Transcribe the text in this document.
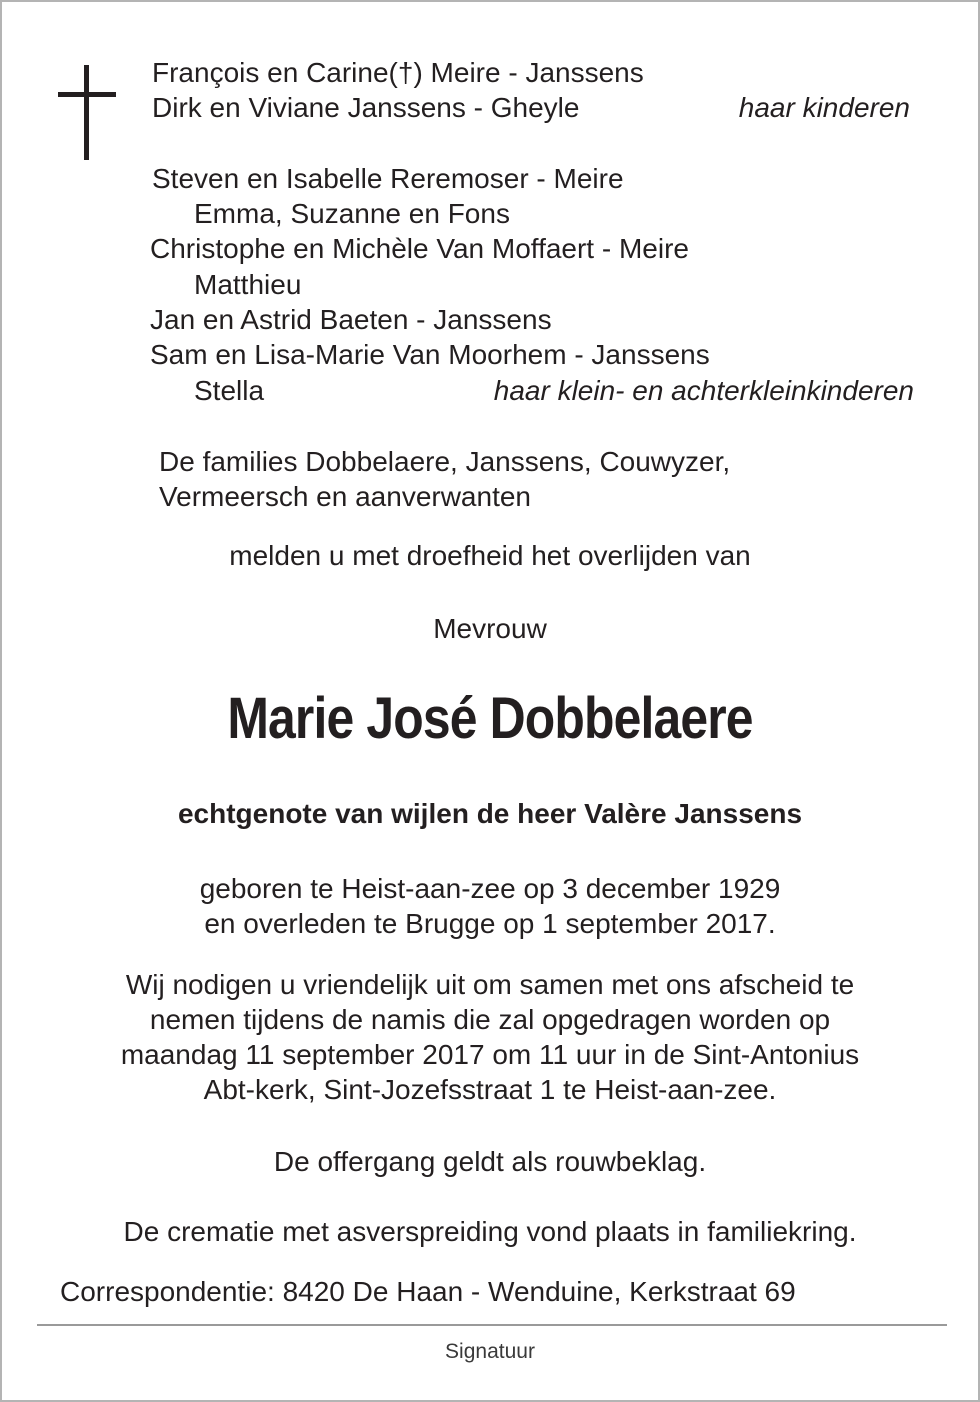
François en Carine(†) Meire - Janssens
Dirk en Viviane Janssens - Gheyle	haar kinderen
Steven en Isabelle Reremoser - Meire
Emma, Suzanne en Fons
Christophe en Michèle Van Moffaert - Meire
Matthieu
Jan en Astrid Baeten - Janssens
Sam en Lisa-Marie Van Moorhem - Janssens
Stella	haar klein- en achterkleinkinderen
De families Dobbelaere, Janssens, Couwyzer,
Vermeersch en aanverwanten
melden u met droefheid het overlijden van
Mevrouw
Marie José Dobbelaere
echtgenote van wijlen de heer Valère Janssens
geboren te Heist-aan-zee op 3 december 1929
en overleden te Brugge op 1 september 2017.
Wij nodigen u vriendelijk uit om samen met ons afscheid te
nemen tijdens de namis die zal opgedragen worden op
maandag 11 september 2017 om 11 uur in de Sint-Antonius
Abt-kerk, Sint-Jozefsstraat 1 te Heist-aan-zee.
De offergang geldt als rouwbeklag.
De crematie met asverspreiding vond plaats in familiekring.
Correspondentie: 8420 De Haan - Wenduine, Kerkstraat 69
Signatuur
